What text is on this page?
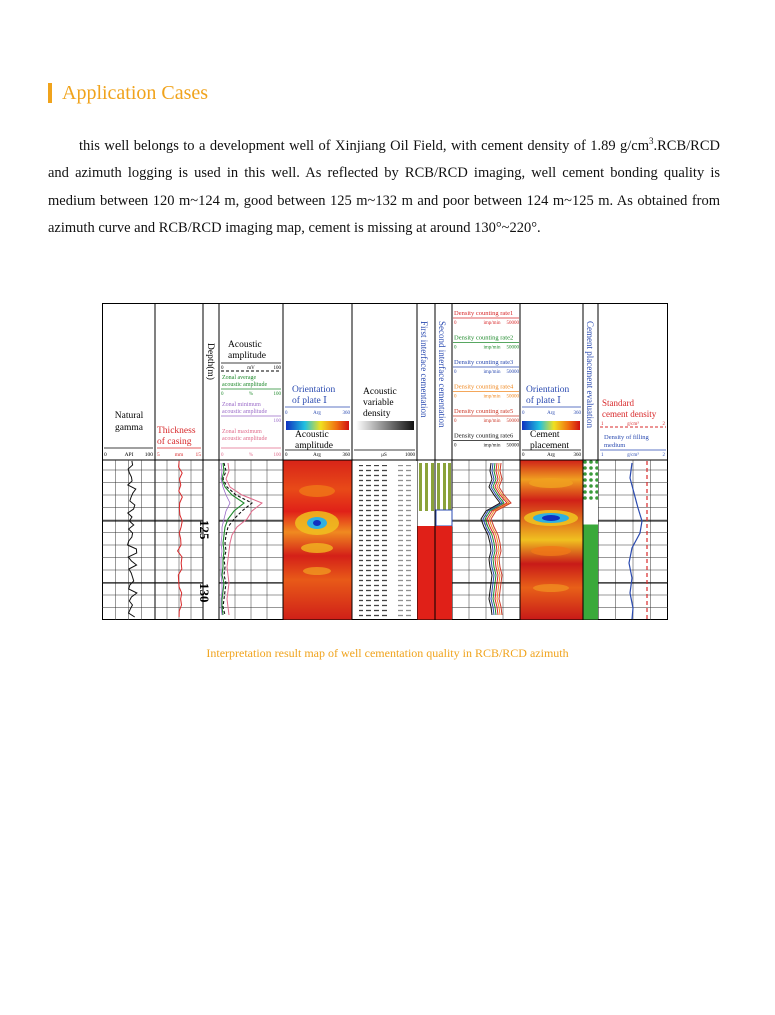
Application Cases
this well belongs to a development well of Xinjiang Oil Field, with cement density of 1.89 $g/cm^3.RCB$/RCD and azimuth logging is used in this well. As reflected by RCB/RCD imaging, well cement bonding quality is medium between 120 m~124 m, good between 125 m~132 m and poor between 124 m~125 m. As obtained from azimuth curve and RCB/RCD imaging map, cement is missing at around 130°~220°.
Natural
gamma
0	API 100
Thickness
of casing
5	mm 15
Depth(m) Acoustic
amplitude
0	mV	100
Zonal average
acoustic amplitude
0	%	100
Zonal minimum
acoustic amplitude
100
Zonal maximum
acoustic amplitude
0	%	100
Orientation
of plate Ⅰ
0	Arg	360
Acoustic
amplitude
0	Arg	360
Acoustic
variable
density
μS	1000
First interface cementation Second interface cementation
Density counting rate1
0	imp/min 50000
Density counting rate2
0	imp/min 50000
Density counting rate3
0	imp/min 50000
Density counting rate4
0	imp/min 50000
Density counting rate5
0	imp/min 50000
Density counting rate6
0	imp/min 50000
Orientation
of plate Ⅰ
0	Arg	360
Cement
placement
0	Arg	360
Cement placement evaluation Standard
cement density
1	g/cm³	2
Density of filling
medium
1	g/cm³	2
125
130
Interpretation result map of well cementation quality in RCB/RCD azimuth
